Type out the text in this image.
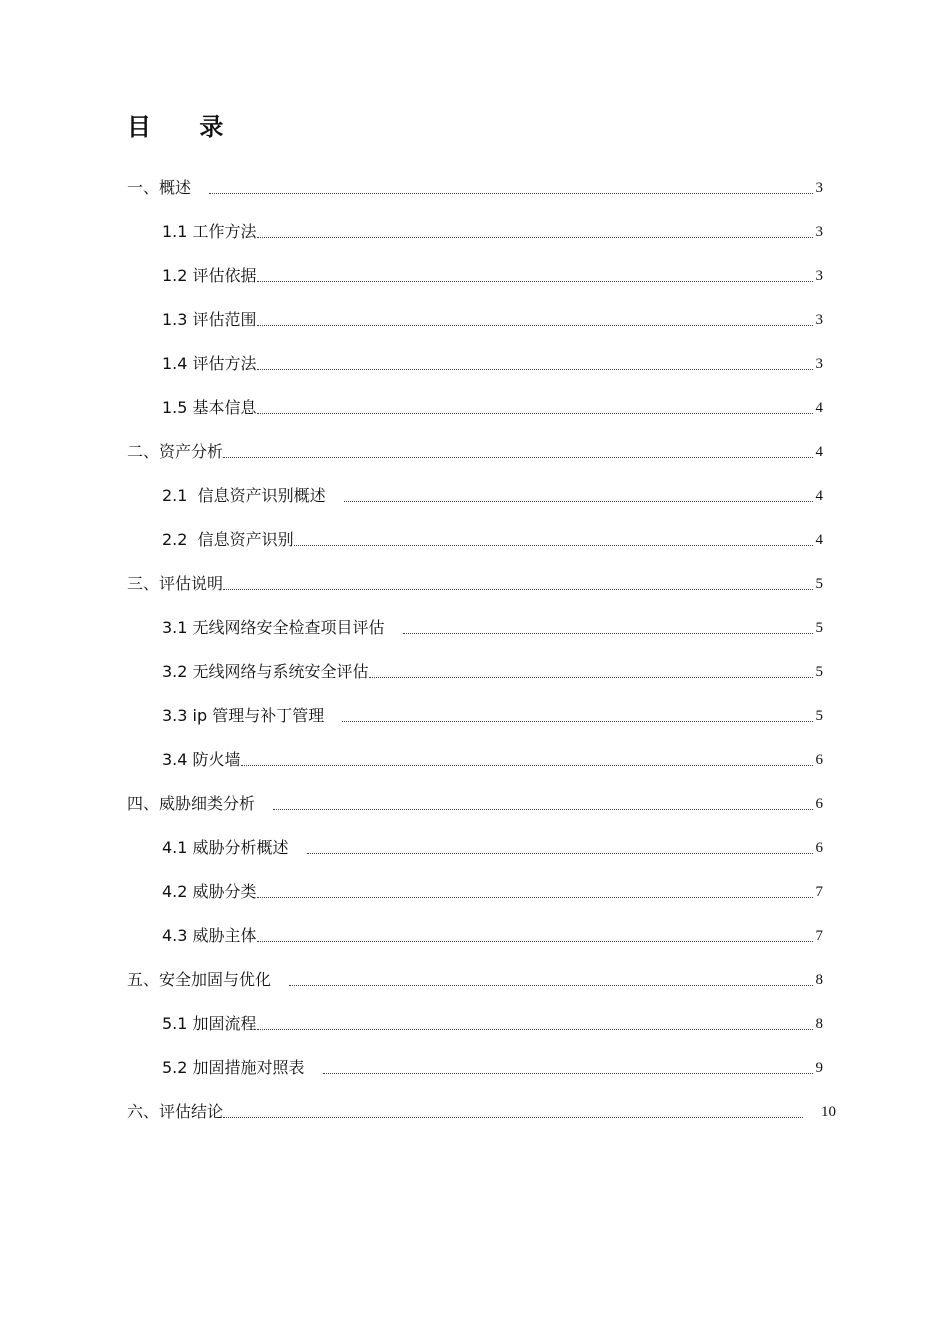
目 录
一、概述	3
1.1 工作方法	3
1.2 评估依据	3
1.3 评估范围	3
1.4 评估方法	3
1.5 基本信息	4
二、资产分析	4
2.1  信息资产识别概述	4
2.2  信息资产识别	4
三、评估说明	5
3.1 无线网络安全检查项目评估	5
3.2 无线网络与系统安全评估	5
3.3 ip 管理与补丁管理	5
3.4 防火墙	6
四、威胁细类分析	6
4.1 威胁分析概述	6
4.2 威胁分类	7
4.3 威胁主体	7
五、安全加固与优化	8
5.1 加固流程	8
5.2 加固措施对照表	9
六、评估结论	10
